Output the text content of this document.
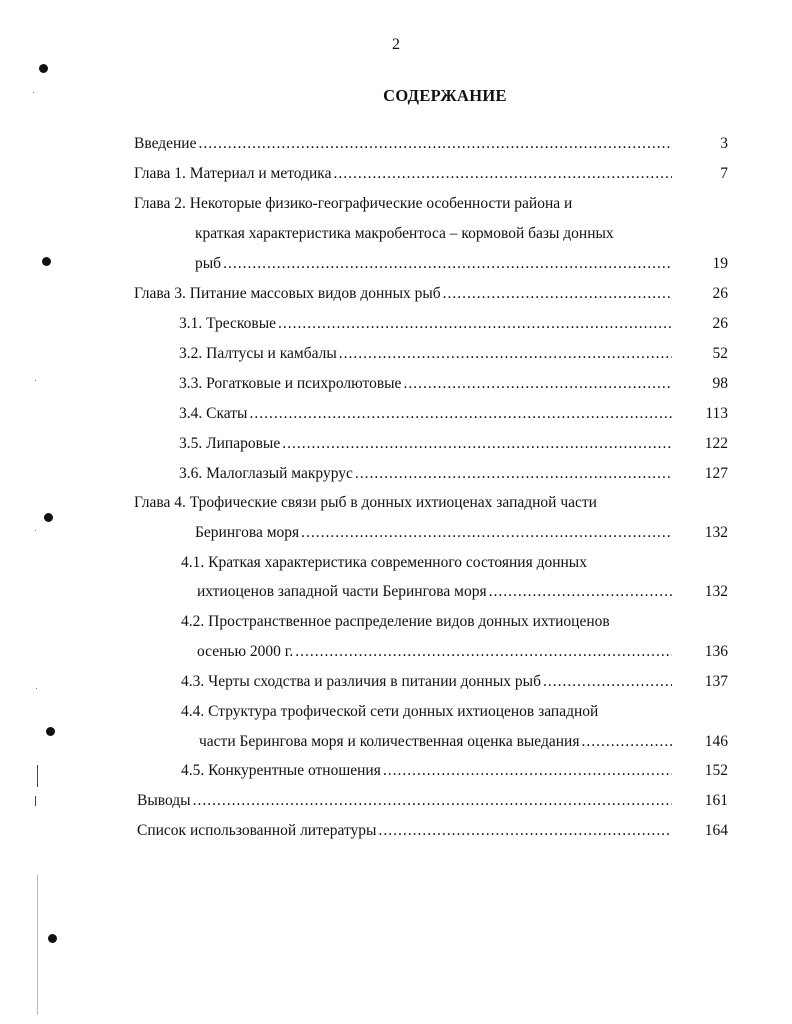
2
СОДЕРЖАНИЕ
Введение .....	3
Глава 1. Материал и методика .....	7
Глава 2. Некоторые физико-географические особенности района и
краткая характеристика макробентоса – кормовой базы донных
рыб .....	19
Глава 3. Питание массовых видов донных рыб .....	26
3.1. Тресковые .....	26
3.2. Палтусы и камбалы .....	52
3.3. Рогатковые и психролютовые .....	98
3.4. Скаты .....	113
3.5. Липаровые .....	122
3.6. Малоглазый макрурус .....	127
Глава 4. Трофические связи рыб в донных ихтиоценах западной части
Берингова моря .....	132
4.1. Краткая характеристика современного состояния донных
ихтиоценов западной части Берингова моря .....	132
4.2. Пространственное распределение видов донных ихтиоценов
осенью 2000 г. .....	136
4.3. Черты сходства и различия в питании донных рыб .....	137
4.4. Структура трофической сети донных ихтиоценов западной
части Берингова моря и количественная оценка выедания .....	146
4.5. Конкурентные отношения .....	152
Выводы .....	161
Список использованной литературы .....	164
